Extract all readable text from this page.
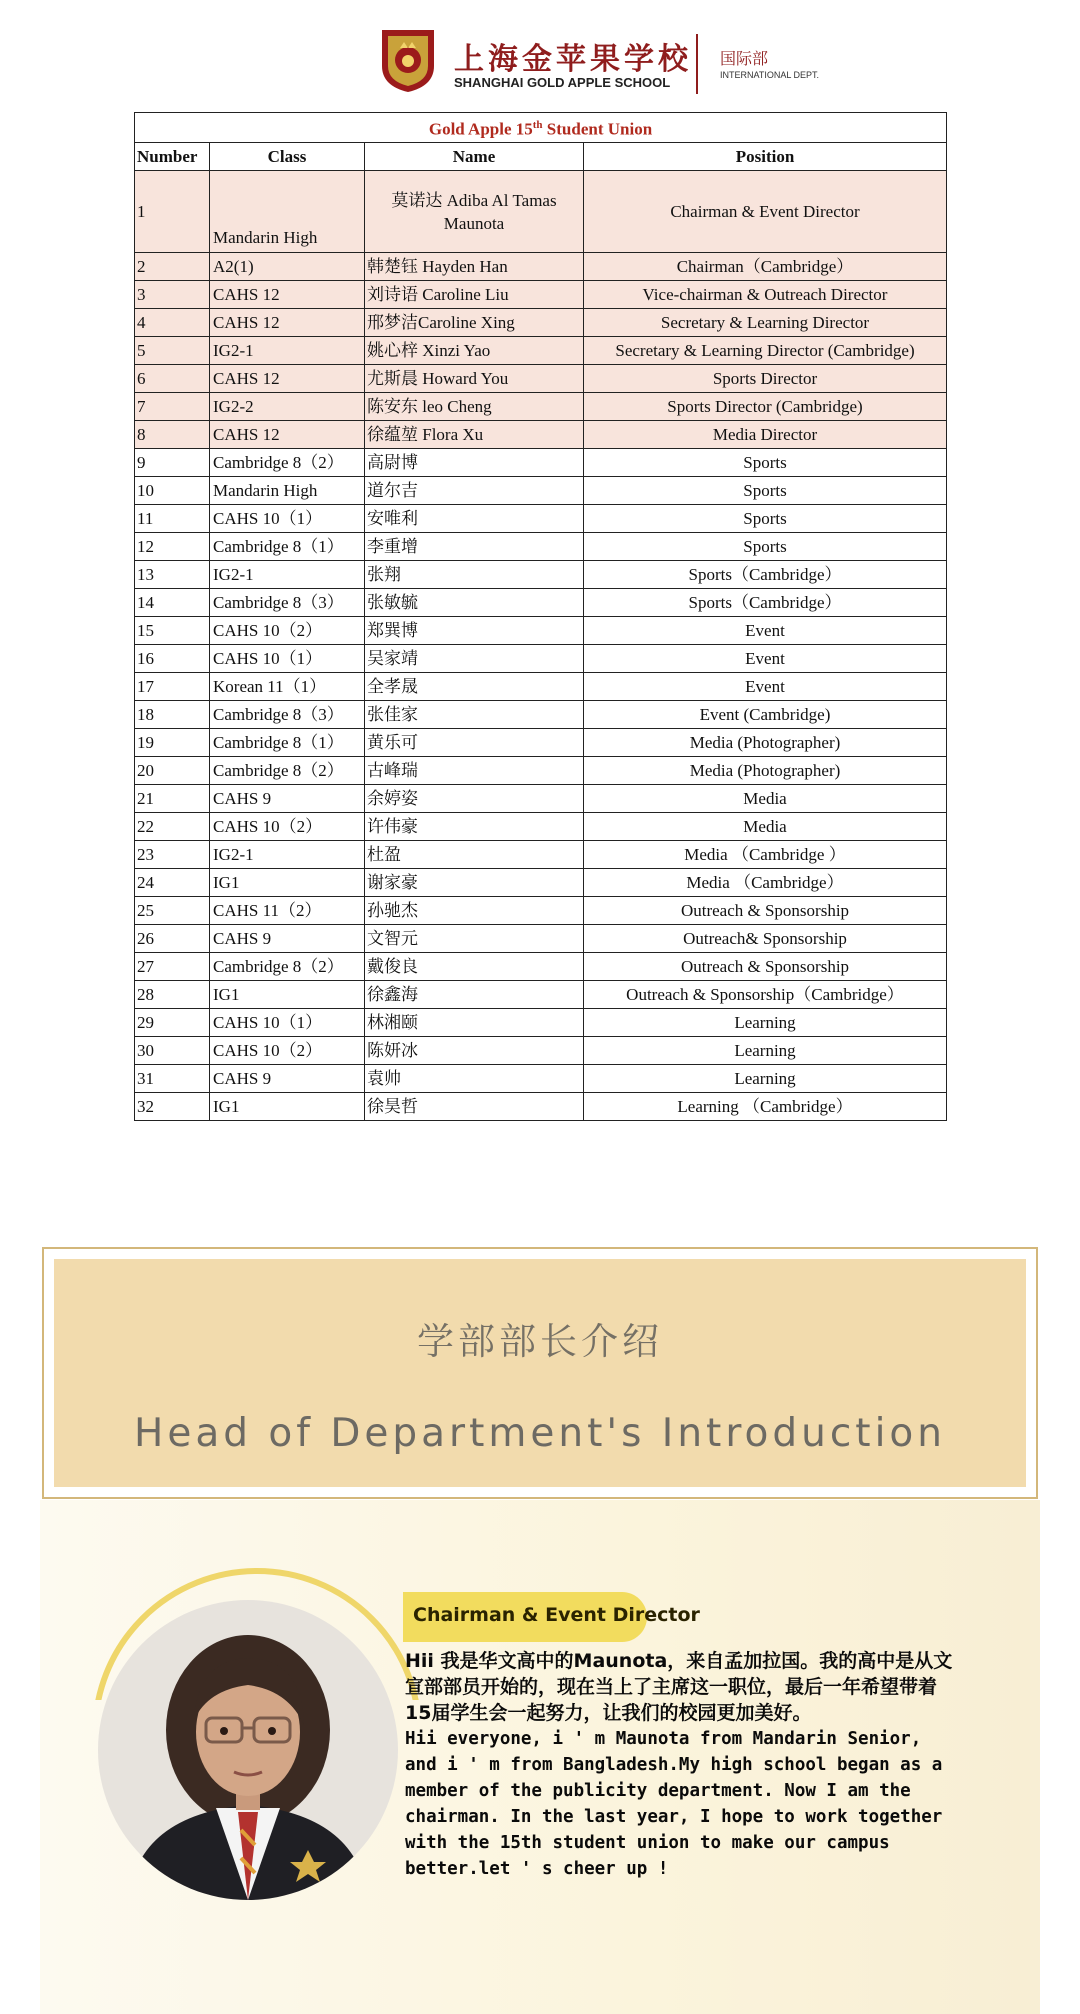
上海金苹果学校
SHANGHAI GOLD APPLE SCHOOL
国际部
INTERNATIONAL DEPT.
Gold Apple 15th Student Union			
Number	Class	Name	Position
1	Mandarin High	莫诺达 Adiba Al Tamas Maunota	Chairman & Event Director
2	A2(1)	韩楚钰 Hayden Han	Chairman（Cambridge）
3	CAHS 12	刘诗语 Caroline Liu	Vice-chairman & Outreach Director
4	CAHS 12	邢梦洁Caroline Xing	Secretary & Learning Director
5	IG2-1	姚心梓 Xinzi Yao	Secretary & Learning Director (Cambridge)
6	CAHS 12	尤斯晨 Howard You	Sports Director
7	IG2-2	陈安东 leo Cheng	Sports Director (Cambridge)
8	CAHS 12	徐蕴堃 Flora Xu	Media Director
9	Cambridge 8（2）	高尉博	Sports
10	Mandarin High	道尔吉	Sports
11	CAHS 10（1）	安唯利	Sports
12	Cambridge 8（1）	李重增	Sports
13	IG2-1	张翔	Sports（Cambridge）
14	Cambridge 8（3）	张敏毓	Sports（Cambridge）
15	CAHS 10（2）	郑巽博	Event
16	CAHS 10（1）	吴家靖	Event
17	Korean 11（1）	全孝晟	Event
18	Cambridge 8（3）	张佳家	Event (Cambridge)
19	Cambridge 8（1）	黄乐可	Media (Photographer)
20	Cambridge 8（2）	古峰瑞	Media (Photographer)
21	CAHS 9	余婷姿	Media
22	CAHS 10（2）	许伟豪	Media
23	IG2-1	杜盈	Media （Cambridge ）
24	IG1	谢家豪	Media （Cambridge）
25	CAHS 11（2）	孙驰杰	Outreach & Sponsorship
26	CAHS 9	文智元	Outreach& Sponsorship
27	Cambridge 8（2）	戴俊良	Outreach & Sponsorship
28	IG1	徐鑫海	Outreach & Sponsorship（Cambridge）
29	CAHS 10（1）	林湘颐	Learning
30	CAHS 10（2）	陈妍冰	Learning
31	CAHS 9	袁帅	Learning
32	IG1	徐昊哲	Learning （Cambridge）
学部部长介绍
Head of Department's Introduction
Chairman & Event Director

Hii 我是华文高中的Maunota，来自孟加拉国。我的高中是从文宣部部员开始的，现在当上了主席这一职位，最后一年希望带着15届学生会一起努力，让我们的校园更加美好。

Hii everyone, i ' m Maunota from Mandarin Senior, and i ' m from Bangladesh.My high school began as a member of the publicity department. Now I am the chairman. In the last year, I hope to work together with the 15th student union to make our campus better.let ' s cheer up !
